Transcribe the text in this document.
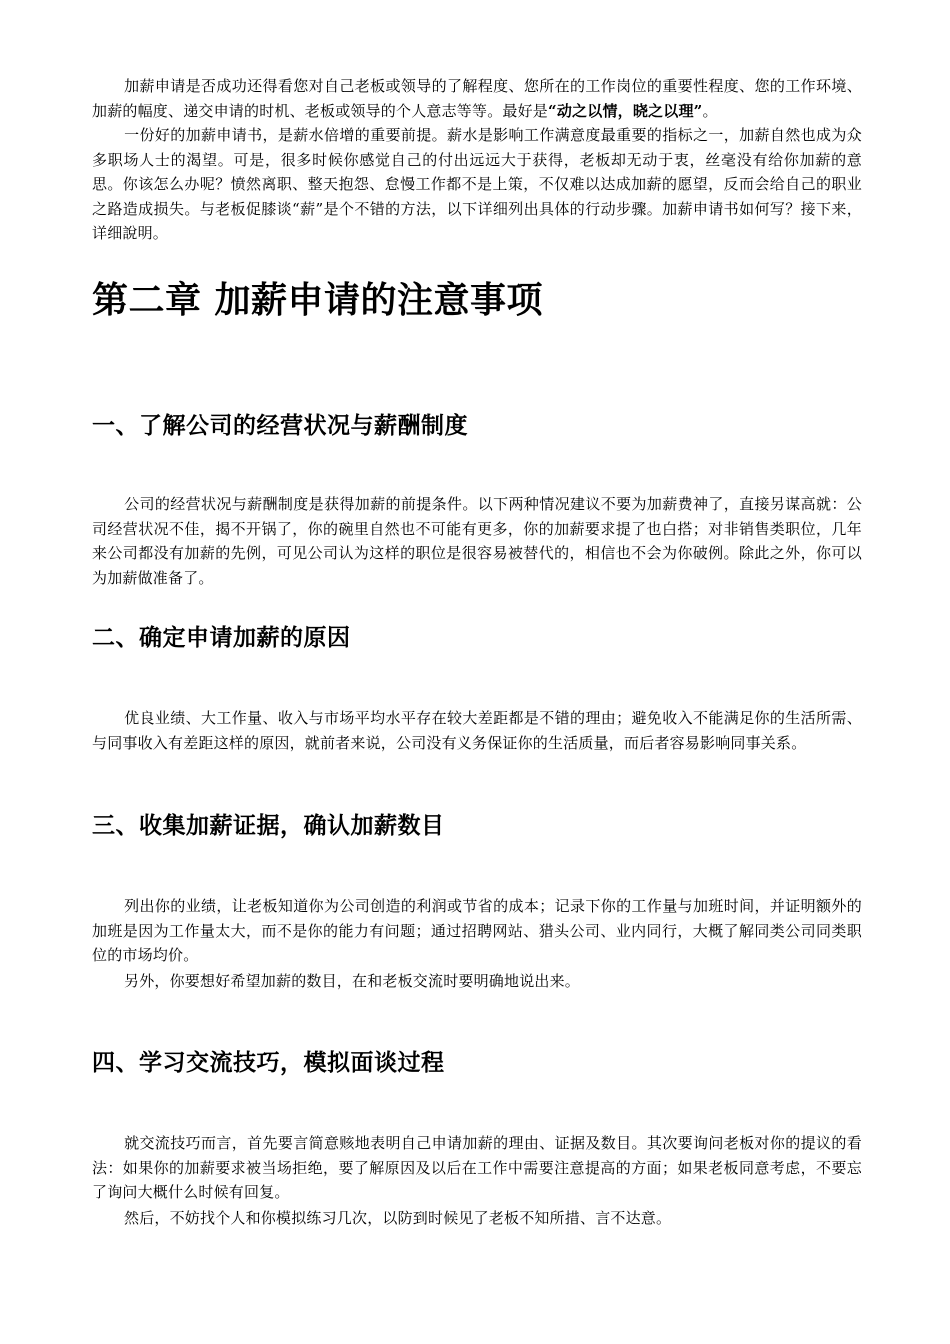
加薪申请是否成功还得看您对自己老板或领导的了解程度、您所在的工作岗位的重要性程度、您的工作环境、加薪的幅度、递交申请的时机、老板或领导的个人意志等等。最好是“动之以情，晓之以理”。

一份好的加薪申请书，是薪水倍增的重要前提。薪水是影响工作满意度最重要的指标之一，加薪自然也成为众多职场人士的渴望。可是，很多时候你感觉自己的付出远远大于获得，老板却无动于衷，丝毫没有给你加薪的意思。你该怎么办呢？愤然离职、整天抱怨、怠慢工作都不是上策，不仅难以达成加薪的愿望，反而会给自己的职业之路造成损失。与老板促膝谈“薪”是个不错的方法，以下详细列出具体的行动步骤。加薪申请书如何写？接下来，详细說明。

第二章 加薪申请的注意事项
一、了解公司的经营状况与薪酬制度

公司的经营状况与薪酬制度是获得加薪的前提条件。以下两种情况建议不要为加薪费神了，直接另谋高就：公司经营状况不佳，揭不开锅了，你的碗里自然也不可能有更多，你的加薪要求提了也白搭；对非销售类职位，几年来公司都没有加薪的先例，可见公司认为这样的职位是很容易被替代的，相信也不会为你破例。除此之外，你可以为加薪做准备了。

二、确定申请加薪的原因

优良业绩、大工作量、收入与市场平均水平存在较大差距都是不错的理由；避免收入不能满足你的生活所需、与同事收入有差距这样的原因，就前者来说，公司没有义务保证你的生活质量，而后者容易影响同事关系。

三、收集加薪证据，确认加薪数目

列出你的业绩，让老板知道你为公司创造的利润或节省的成本；记录下你的工作量与加班时间，并证明额外的加班是因为工作量太大，而不是你的能力有问题；通过招聘网站、猎头公司、业内同行，大概了解同类公司同类职位的市场均价。

另外，你要想好希望加薪的数目，在和老板交流时要明确地说出来。

四、学习交流技巧，模拟面谈过程

就交流技巧而言，首先要言简意赅地表明自己申请加薪的理由、证据及数目。其次要询问老板对你的提议的看法：如果你的加薪要求被当场拒绝，要了解原因及以后在工作中需要注意提高的方面；如果老板同意考虑，不要忘了询问大概什么时候有回复。

然后，不妨找个人和你模拟练习几次，以防到时候见了老板不知所措、言不达意。
